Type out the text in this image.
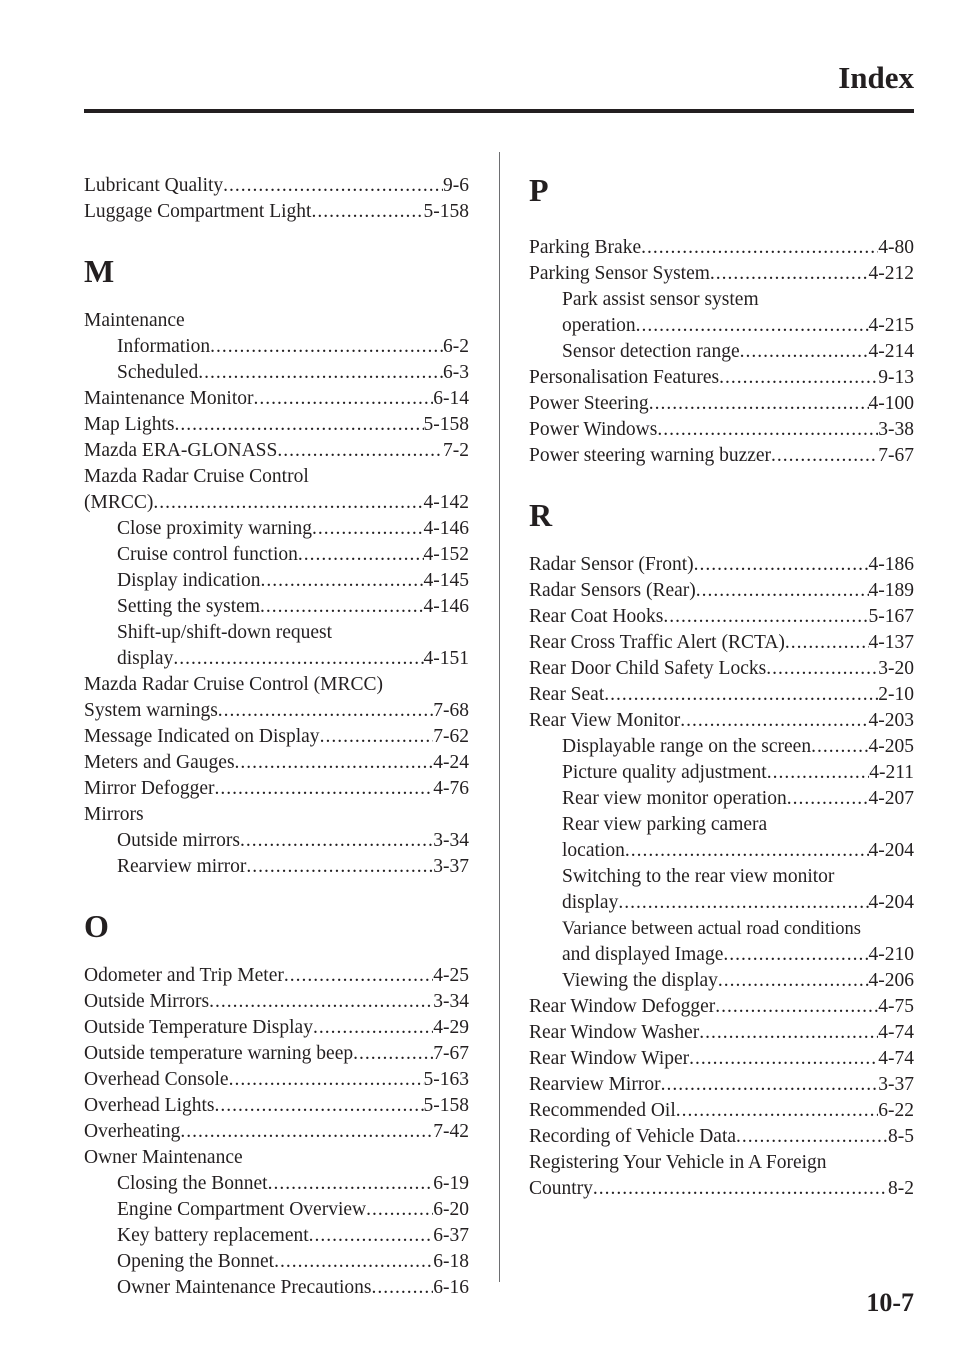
Index
Lubricant Quality .....	9-6
Luggage Compartment Light .....	5-158
M
Maintenance
Information .....	6-2
Scheduled .....	6-3
Maintenance Monitor .....	6-14
Map Lights .....	5-158
Mazda ERA-GLONASS .....	7-2
Mazda Radar Cruise Control
(MRCC) .....	4-142
Close proximity warning .....	4-146
Cruise control function .....	4-152
Display indication .....	4-145
Setting the system .....	4-146
Shift-up/shift-down request
display .....	4-151
Mazda Radar Cruise Control (MRCC)
System warnings .....	7-68
Message Indicated on Display .....	7-62
Meters and Gauges .....	4-24
Mirror Defogger .....	4-76
Mirrors
Outside mirrors .....	3-34
Rearview mirror .....	3-37
O
Odometer and Trip Meter .....	4-25
Outside Mirrors .....	3-34
Outside Temperature Display .....	4-29
Outside temperature warning beep .....	7-67
Overhead Console .....	5-163
Overhead Lights .....	5-158
Overheating .....	7-42
Owner Maintenance
Closing the Bonnet .....	6-19
Engine Compartment Overview .....	6-20
Key battery replacement .....	6-37
Opening the Bonnet .....	6-18
Owner Maintenance Precautions .....	6-16
P
Parking Brake .....	4-80
Parking Sensor System .....	4-212
Park assist sensor system
operation .....	4-215
Sensor detection range .....	4-214
Personalisation Features .....	9-13
Power Steering .....	4-100
Power Windows .....	3-38
Power steering warning buzzer .....	7-67
R
Radar Sensor (Front) .....	4-186
Radar Sensors (Rear) .....	4-189
Rear Coat Hooks .....	5-167
Rear Cross Traffic Alert (RCTA) .....	4-137
Rear Door Child Safety Locks .....	3-20
Rear Seat .....	2-10
Rear View Monitor .....	4-203
Displayable range on the screen .....	4-205
Picture quality adjustment .....	4-211
Rear view monitor operation .....	4-207
Rear view parking camera
location .....	4-204
Switching to the rear view monitor
display .....	4-204
Variance between actual road conditions
and displayed Image .....	4-210
Viewing the display .....	4-206
Rear Window Defogger .....	4-75
Rear Window Washer .....	4-74
Rear Window Wiper .....	4-74
Rearview Mirror .....	3-37
Recommended Oil .....	6-22
Recording of Vehicle Data .....	8-5
Registering Your Vehicle in A Foreign
Country .....	8-2
10-7
